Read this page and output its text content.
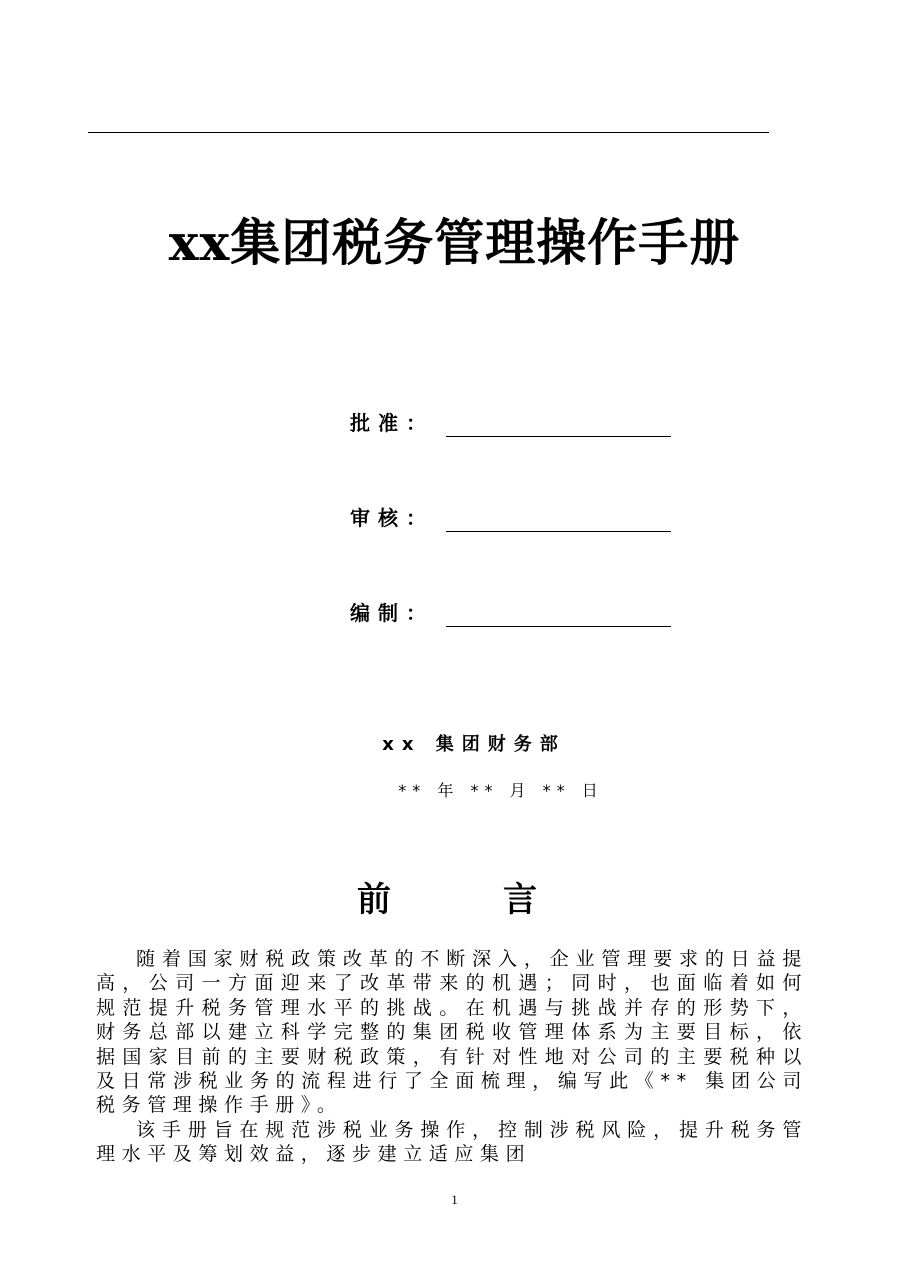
xx集团税务管理操作手册
批准：
审核：
编制：
xx 集团财务部
** 年 ** 月 ** 日
前	言

随着国家财税政策改革的不断深入，企业管理要求的日益提高，公司一方面迎来了改革带来的机遇；同时，也面临着如何规范提升税务管理水平的挑战。在机遇与挑战并存的形势下，财务总部以建立科学完整的集团税收管理体系为主要目标，依据国家目前的主要财税政策，有针对性地对公司的主要税种以及日常涉税业务的流程进行了全面梳理，编写此《** 集团公司税务管理操作手册》。

该手册旨在规范涉税业务操作，控制涉税风险，提升税务管理水平及筹划效益，逐步建立适应集团

1
